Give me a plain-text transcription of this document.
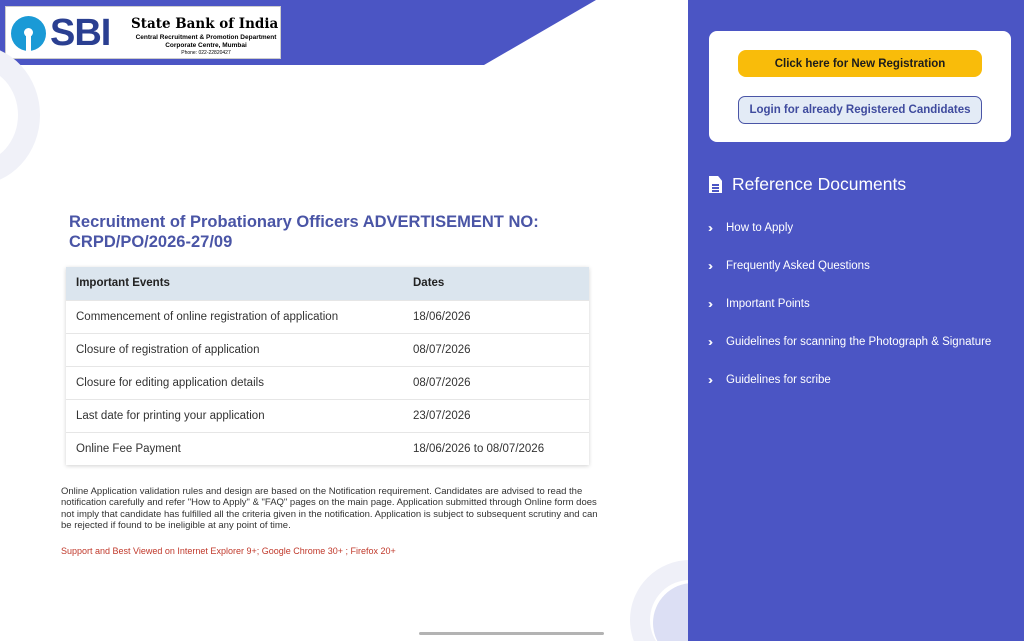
SBI State Bank of India
Central Recruitment & Promotion Department
Corporate Centre, Mumbai
Phone: 022-22820427
Recruitment of Probationary Officers ADVERTISEMENT NO: CRPD/PO/2026-27/09
Important Events	Dates
Commencement of online registration of application	18/06/2026
Closure of registration of application	08/07/2026
Closure for editing application details	08/07/2026
Last date for printing your application	23/07/2026
Online Fee Payment	18/06/2026 to 08/07/2026

Online Application validation rules and design are based on the Notification requirement. Candidates are advised to read the notification carefully and refer "How to Apply" & "FAQ" pages on the main page. Application submitted through Online form does not imply that candidate has fulfilled all the criteria given in the notification. Application is subject to subsequent scrutiny and can be rejected if found to be ineligible at any point of time.

Support and Best Viewed on Internet Explorer 9+; Google Chrome 30+ ; Firefox 20+

Click here for New Registration
Login for already Registered Candidates
Reference Documents
››	How to Apply
››	Frequently Asked Questions
››	Important Points
››	Guidelines for scanning the Photograph & Signature
››	Guidelines for scribe
